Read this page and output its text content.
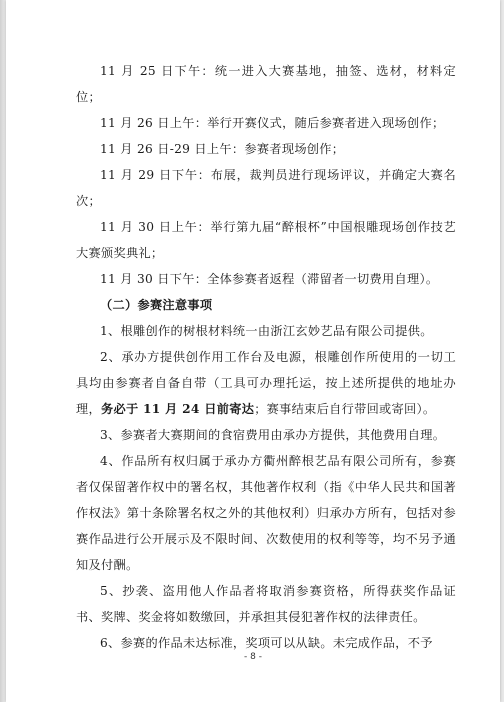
11 月 25 日下午：统一进入大赛基地，抽签、选材，材料定位；

11 月 26 日上午：举行开赛仪式，随后参赛者进入现场创作；

11 月 26 日-29 日上午：参赛者现场创作；

11 月 29 日下午：布展，裁判员进行现场评议，并确定大赛名次；

11 月 30 日上午：举行第九届“醉根杯”中国根雕现场创作技艺大赛颁奖典礼；

11 月 30 日下午：全体参赛者返程（滞留者一切费用自理）。

（二）参赛注意事项

1、根雕创作的树根材料统一由浙江玄妙艺品有限公司提供。

2、承办方提供创作用工作台及电源，根雕创作所使用的一切工具均由参赛者自备自带（工具可办理托运，按上述所提供的地址办理，务必于 11 月 24 日前寄达；赛事结束后自行带回或寄回）。

3、参赛者大赛期间的食宿费用由承办方提供，其他费用自理。

4、作品所有权归属于承办方衢州醉根艺品有限公司所有，参赛者仅保留著作权中的署名权，其他著作权利（指《中华人民共和国著作权法》第十条除署名权之外的其他权利）归承办方所有，包括对参赛作品进行公开展示及不限时间、次数使用的权利等等，均不另予通知及付酬。

5、抄袭、盗用他人作品者将取消参赛资格，所得获奖作品证书、奖牌、奖金将如数缴回，并承担其侵犯著作权的法律责任。

6、参赛的作品未达标准，奖项可以从缺。未完成作品，不予

- 8 -
